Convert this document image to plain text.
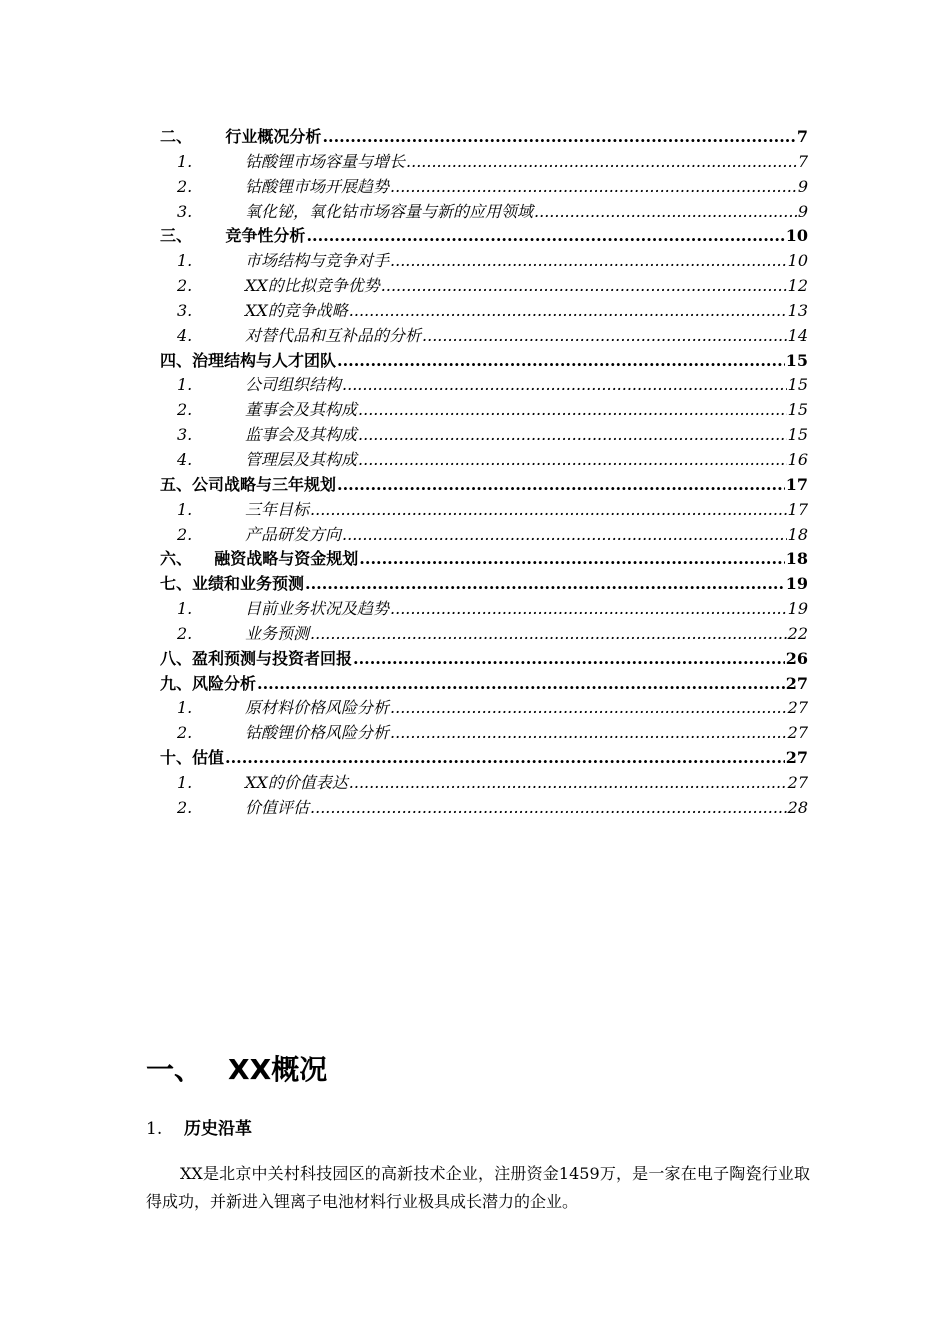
二、      行业概况分析 .....	7
1.	钴酸锂市场容量与增长 .....	7
2.	钴酸锂市场开展趋势 .....	9
3.	氧化铋，氧化钴市场容量与新的应用领域 .....	9
三、      竞争性分析 .....	10
1.	市场结构与竞争对手 .....	10
2.	XX的比拟竞争优势 .....	12
3.	XX的竞争战略 .....	13
4.	对替代品和互补品的分析 .....	14
四、治理结构与人才团队 .....	15
1.	公司组织结构 .....	15
2.	董事会及其构成 .....	15
3.	监事会及其构成 .....	15
4.	管理层及其构成 .....	16
五、公司战略与三年规划 .....	17
1.	三年目标 .....	17
2.	产品研发方向 .....	18
六、    融资战略与资金规划 .....	18
七、业绩和业务预测 .....	19
1.	目前业务状况及趋势 .....	19
2.	业务预测 .....	22
八、盈利预测与投资者回报 .....	26
九、风险分析 .....	27
1.	原材料价格风险分析 .....	27
2.	钴酸锂价格风险分析 .....	27
十、估值 .....	27
1.	XX的价值表达 .....	27
2.	价值评估 .....	28
一、 XX概况
1. 历史沿革

XX是北京中关村科技园区的高新技术企业，注册资金1459万，是一家在电子陶瓷行业取得成功，并新进入锂离子电池材料行业极具成长潜力的企业。
